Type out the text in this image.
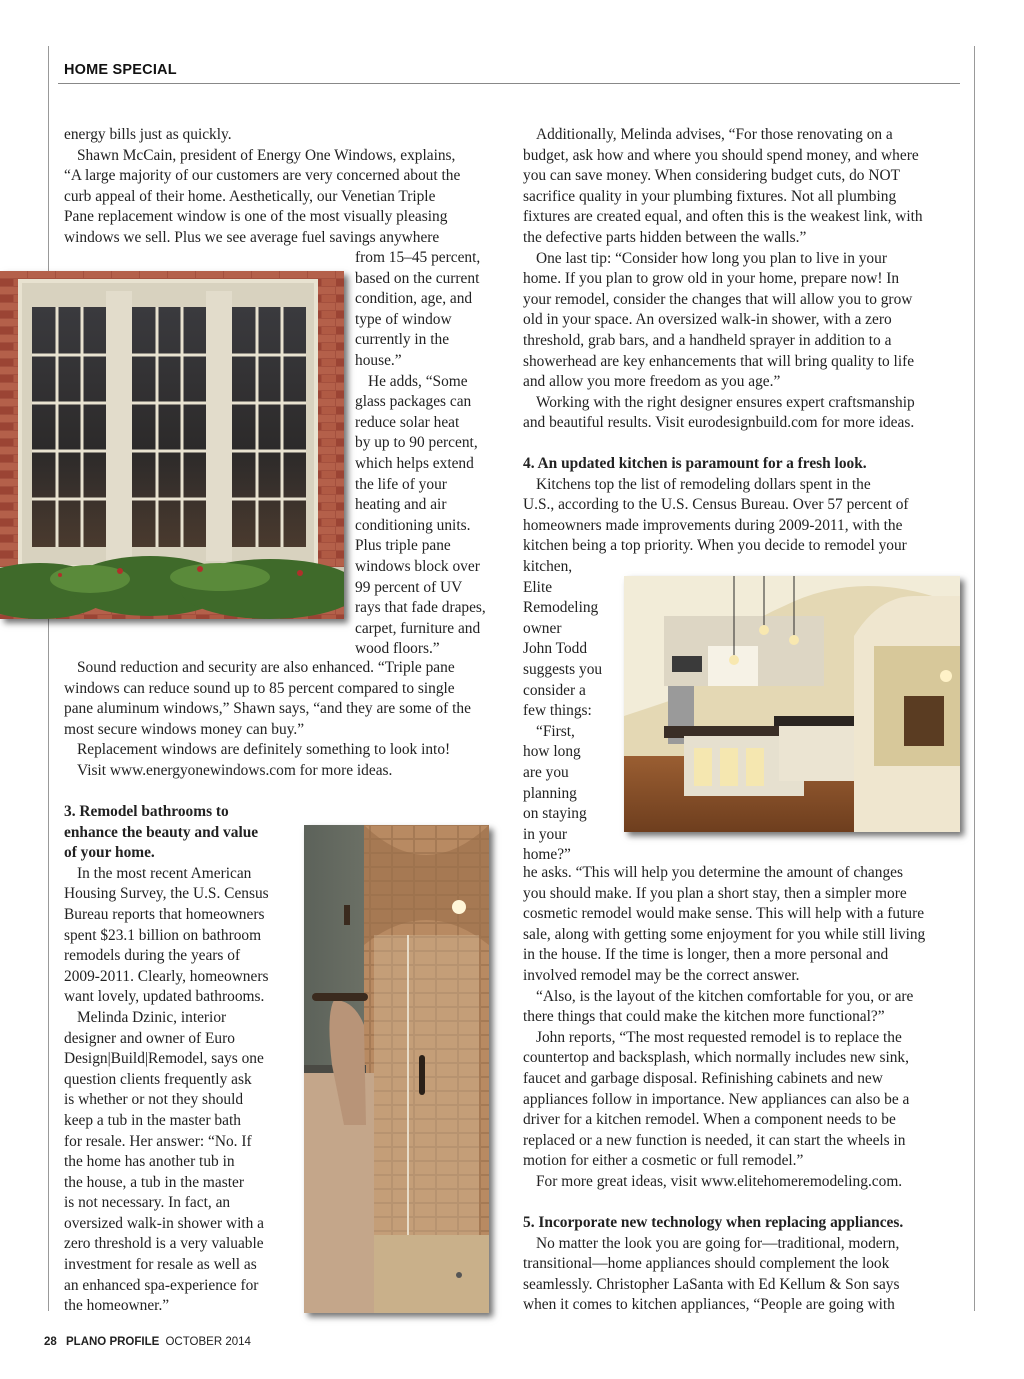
HOME SPECIAL

energy bills just as quickly.

Shawn McCain, president of Energy One Windows, explains,
“A large majority of our customers are very concerned about the
curb appeal of their home. Aesthetically, our Venetian Triple
Pane replacement window is one of the most visually pleasing
windows we sell. Plus we see average fuel savings anywhere
from 15–45 percent,
based on the current
condition, age, and
type of window
currently in the
house.”
He adds, “Some
glass packages can
reduce solar heat
by up to 90 percent,
which helps extend
the life of your
heating and air
conditioning units.
Plus triple pane
windows block over
99 percent of UV
rays that fade drapes,
carpet, furniture and
wood floors.”
Sound reduction and security are also enhanced. “Triple pane
windows can reduce sound up to 85 percent compared to single
pane aluminum windows,” Shawn says, “and they are some of the
most secure windows money can buy.”
Replacement windows are definitely something to look into!
Visit www.energyonewindows.com for more ideas.
3. Remodel bathrooms to
enhance the beauty and value
of your home.
In the most recent American
Housing Survey, the U.S. Census
Bureau reports that homeowners
spent $23.1 billion on bathroom
remodels during the years of
2009-2011. Clearly, homeowners
want lovely, updated bathrooms.
Melinda Dzinic, interior
designer and owner of Euro
Design|Build|Remodel, says one
question clients frequently ask
is whether or not they should
keep a tub in the master bath
for resale. Her answer: “No. If
the home has another tub in
the house, a tub in the master
is not necessary. In fact, an
oversized walk-in shower with a
zero threshold is a very valuable
investment for resale as well as
an enhanced spa-experience for
the homeowner.”
Additionally, Melinda advises, “For those renovating on a
budget, ask how and where you should spend money, and where
you can save money. When considering budget cuts, do NOT
sacrifice quality in your plumbing fixtures. Not all plumbing
fixtures are created equal, and often this is the weakest link, with
the defective parts hidden between the walls.”
One last tip: “Consider how long you plan to live in your
home. If you plan to grow old in your home, prepare now! In
your remodel, consider the changes that will allow you to grow
old in your space. An oversized walk-in shower, with a zero
threshold, grab bars, and a handheld sprayer in addition to a
showerhead are key enhancements that will bring quality to life
and allow you more freedom as you age.”
Working with the right designer ensures expert craftsmanship
and beautiful results. Visit eurodesignbuild.com for more ideas.
4. An updated kitchen is paramount for a fresh look.
Kitchens top the list of remodeling dollars spent in the
U.S., according to the U.S. Census Bureau. Over 57 percent of
homeowners made improvements during 2009-2011, with the
kitchen being a top priority. When you decide to remodel your
kitchen,
Elite
Remodeling
owner
John Todd
suggests you
consider a
few things:
“First,
how long
are you
planning
on staying
in your
home?”
he asks. “This will help you determine the amount of changes
you should make. If you plan a short stay, then a simpler more
cosmetic remodel would make sense. This will help with a future
sale, along with getting some enjoyment for you while still living
in the house. If the time is longer, then a more personal and
involved remodel may be the correct answer.
“Also, is the layout of the kitchen comfortable for you, or are
there things that could make the kitchen more functional?”
John reports, “The most requested remodel is to replace the
countertop and backsplash, which normally includes new sink,
faucet and garbage disposal. Refinishing cabinets and new
appliances follow in importance. New appliances can also be a
driver for a kitchen remodel. When a component needs to be
replaced or a new function is needed, it can start the wheels in
motion for either a cosmetic or full remodel.”
For more great ideas, visit www.elitehomeremodeling.com.
5. Incorporate new technology when replacing appliances.
No matter the look you are going for—traditional, modern,
transitional—home appliances should complement the look
seamlessly. Christopher LaSanta with Ed Kellum & Son says
when it comes to kitchen appliances, “People are going with
28 PLANO PROFILE OCTOBER 2014
